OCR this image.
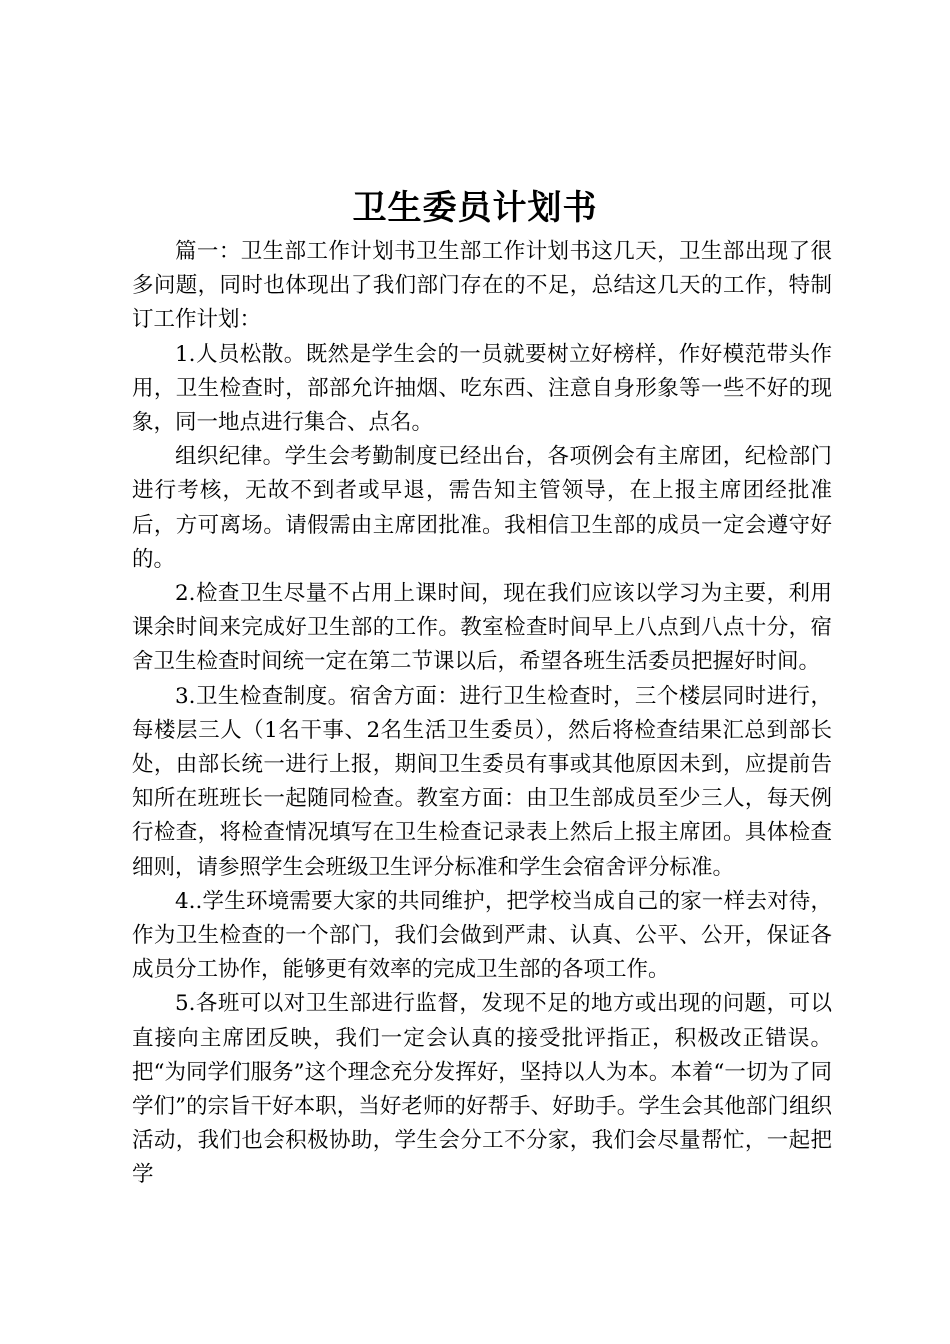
卫生委员计划书

篇一：卫生部工作计划书卫生部工作计划书这几天，卫生部出现了很多问题，同时也体现出了我们部门存在的不足，总结这几天的工作，特制订工作计划：

1.人员松散。既然是学生会的一员就要树立好榜样，作好模范带头作用，卫生检查时，部部允许抽烟、吃东西、注意自身形象等一些不好的现象，同一地点进行集合、点名。

组织纪律。学生会考勤制度已经出台，各项例会有主席团，纪检部门进行考核，无故不到者或早退，需告知主管领导，在上报主席团经批准后，方可离场。请假需由主席团批准。我相信卫生部的成员一定会遵守好的。

2.检查卫生尽量不占用上课时间，现在我们应该以学习为主要，利用课余时间来完成好卫生部的工作。教室检查时间早上八点到八点十分，宿舍卫生检查时间统一定在第二节课以后，希望各班生活委员把握好时间。

3.卫生检查制度。宿舍方面：进行卫生检查时，三个楼层同时进行，每楼层三人（1名干事、2名生活卫生委员），然后将检查结果汇总到部长处，由部长统一进行上报，期间卫生委员有事或其他原因未到，应提前告知所在班班长一起随同检查。教室方面：由卫生部成员至少三人，每天例行检查，将检查情况填写在卫生检查记录表上然后上报主席团。具体检查细则，请参照学生会班级卫生评分标准和学生会宿舍评分标准。

4..学生环境需要大家的共同维护，把学校当成自己的家一样去对待，作为卫生检查的一个部门，我们会做到严肃、认真、公平、公开，保证各成员分工协作，能够更有效率的完成卫生部的各项工作。

5.各班可以对卫生部进行监督，发现不足的地方或出现的问题，可以直接向主席团反映，我们一定会认真的接受批评指正，积极改正错误。把“为同学们服务”这个理念充分发挥好，坚持以人为本。本着“一切为了同学们”的宗旨干好本职，当好老师的好帮手、好助手。学生会其他部门组织活动，我们也会积极协助，学生会分工不分家，我们会尽量帮忙，一起把学
